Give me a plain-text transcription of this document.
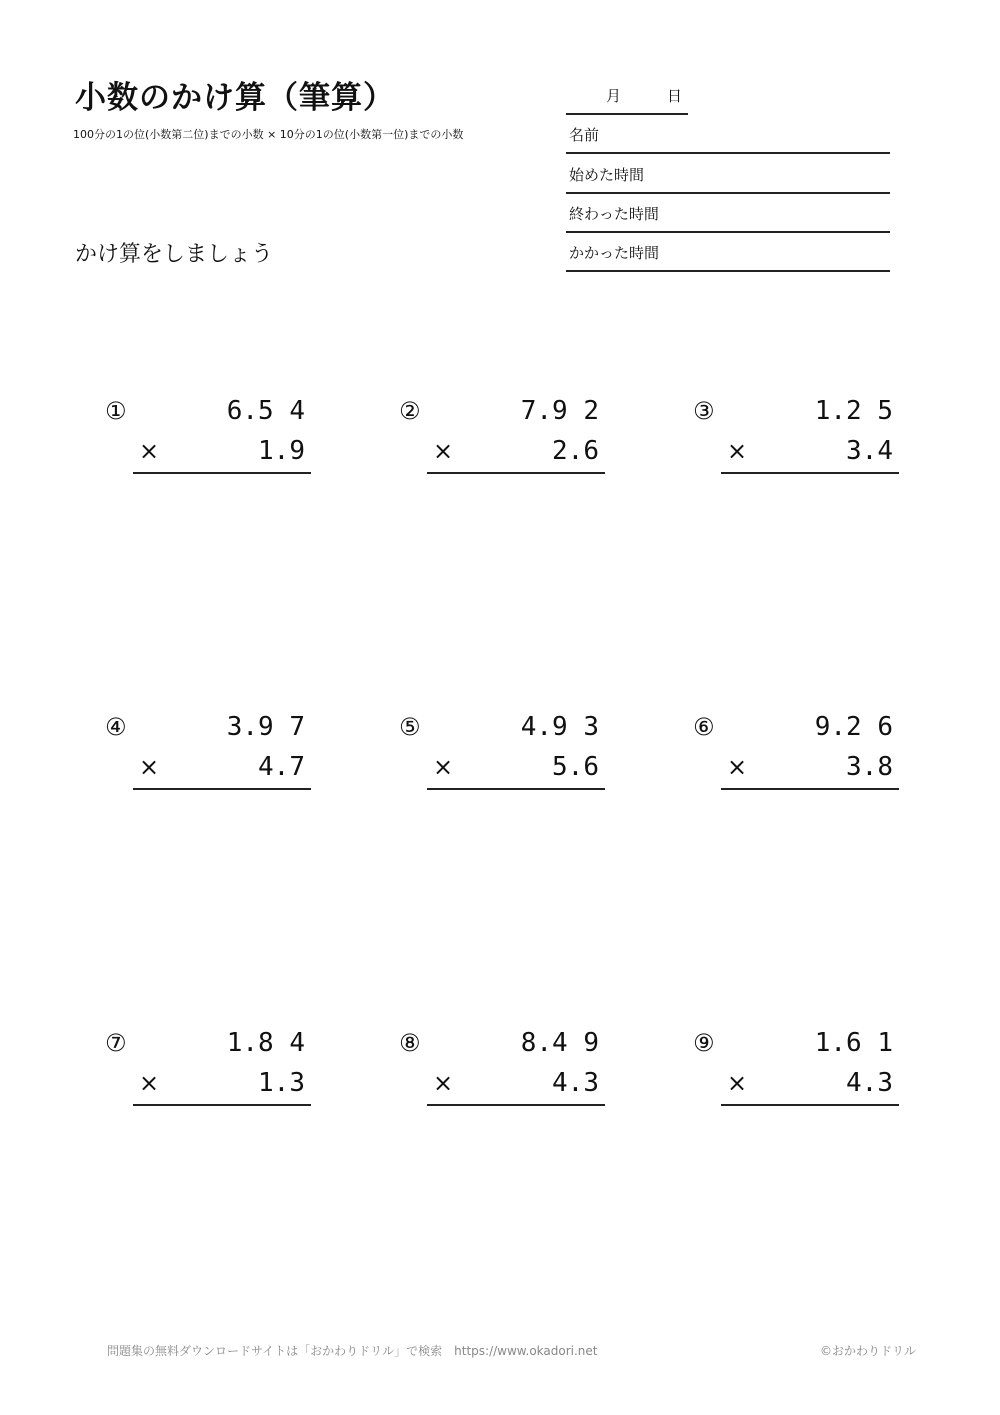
小数のかけ算（筆算）
100分の1の位(小数第二位)までの小数 × 10分の1の位(小数第一位)までの小数
かけ算をしましょう
月	日
名前
始めた時間
終わった時間
かかった時間
①	6.5 4
×	1.9
②	7.9 2
×	2.6
③	1.2 5
×	3.4
④	3.9 7
×	4.7
⑤	4.9 3
×	5.6
⑥	9.2 6
×	3.8
⑦	1.8 4
×	1.3
⑧	8.4 9
×	4.3
⑨	1.6 1
×	4.3
問題集の無料ダウンロードサイトは「おかわりドリル」で検索　https://www.okadori.net	©おかわりドリル
